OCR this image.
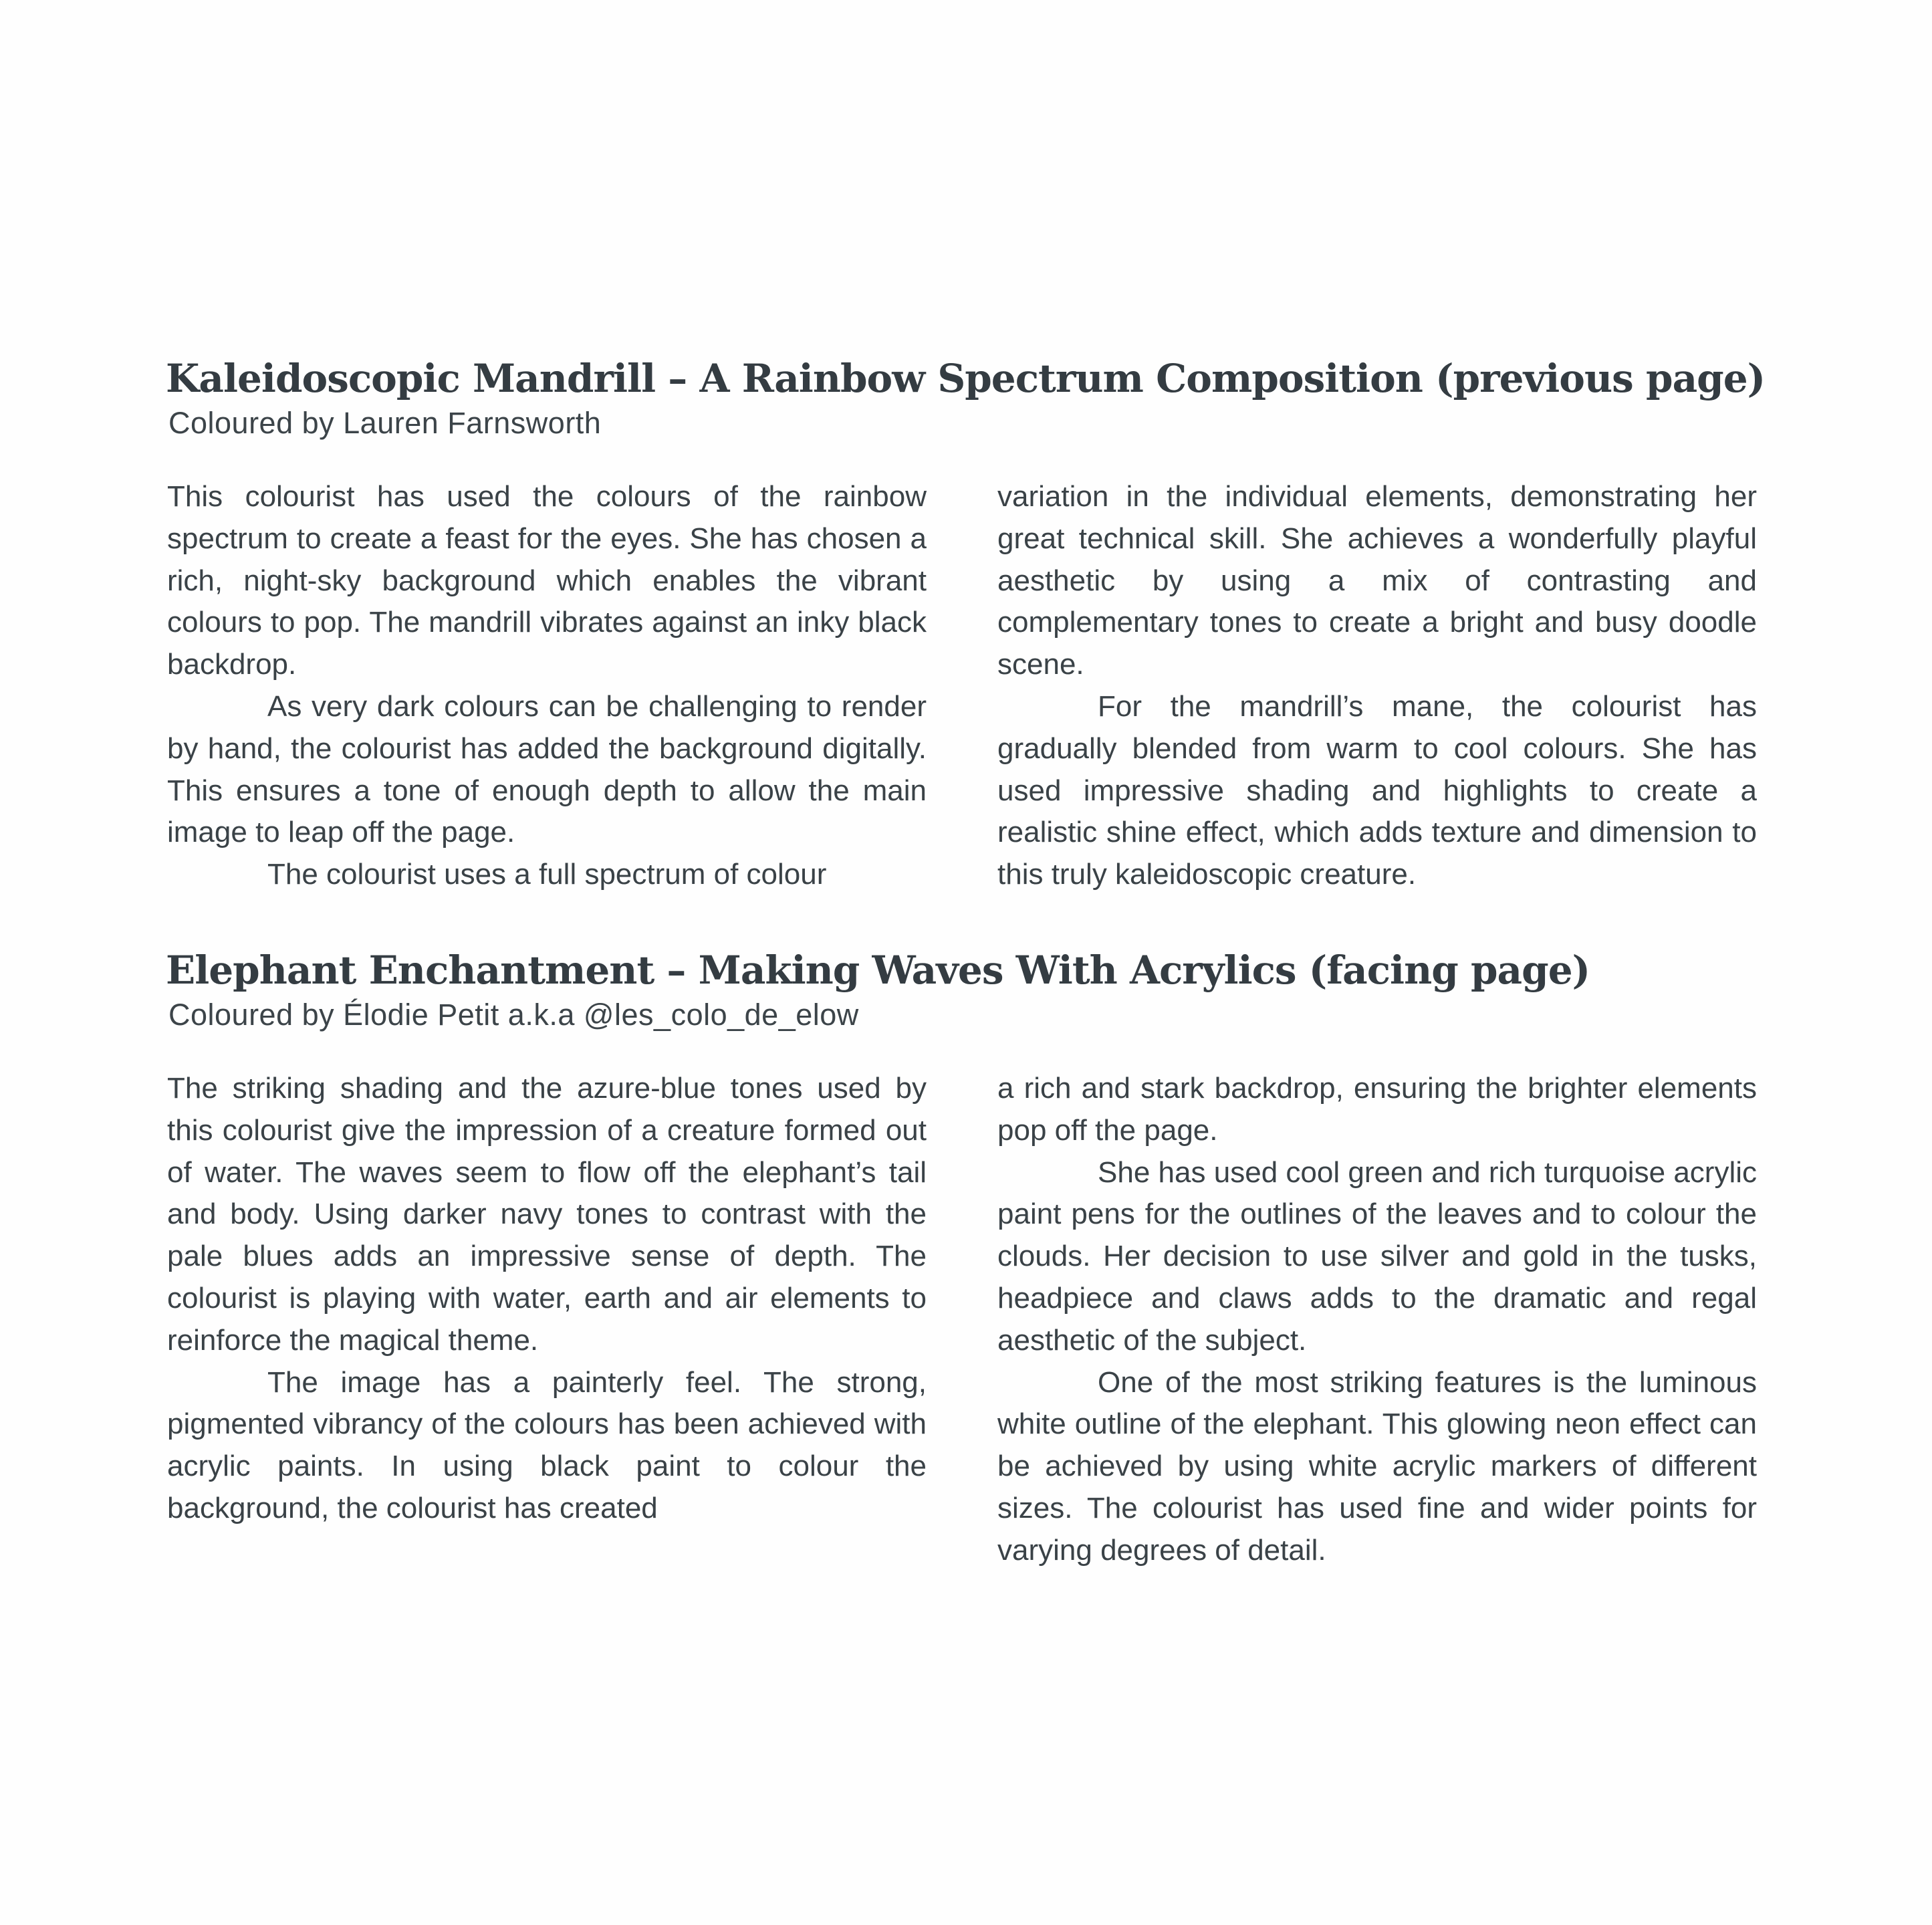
Kaleidoscopic Mandrill – A Rainbow Spectrum Composition (previous page)

Coloured by Lauren Farnsworth

This colourist has used the colours of the rainbow spectrum to create a feast for the eyes. She has chosen a rich, night-sky background which enables the vibrant colours to pop. The mandrill vibrates against an inky black backdrop.

As very dark colours can be challenging to render by hand, the colourist has added the background digitally. This ensures a tone of enough depth to allow the main image to leap off the page.

The colourist uses a full spectrum of colour

variation in the individual elements, demonstrating her great technical skill. She achieves a wonderfully playful aesthetic by using a mix of contrasting and complementary tones to create a bright and busy doodle scene.

For the mandrill’s mane, the colourist has gradually blended from warm to cool colours. She has used impressive shading and highlights to create a realistic shine effect, which adds texture and dimension to this truly kaleidoscopic creature.

Elephant Enchantment – Making Waves With Acrylics (facing page)

Coloured by Élodie Petit a.k.a @les_colo_de_elow

The striking shading and the azure-blue tones used by this colourist give the impression of a creature formed out of water. The waves seem to flow off the elephant’s tail and body. Using darker navy tones to contrast with the pale blues adds an impressive sense of depth. The colourist is playing with water, earth and air elements to reinforce the magical theme.

The image has a painterly feel. The strong, pigmented vibrancy of the colours has been achieved with acrylic paints. In using black paint to colour the background, the colourist has created

a rich and stark backdrop, ensuring the brighter elements pop off the page.

She has used cool green and rich turquoise acrylic paint pens for the outlines of the leaves and to colour the clouds. Her decision to use silver and gold in the tusks, headpiece and claws adds to the dramatic and regal aesthetic of the subject.

One of the most striking features is the luminous white outline of the elephant. This glowing neon effect can be achieved by using white acrylic markers of different sizes. The colourist has used fine and wider points for varying degrees of detail.
